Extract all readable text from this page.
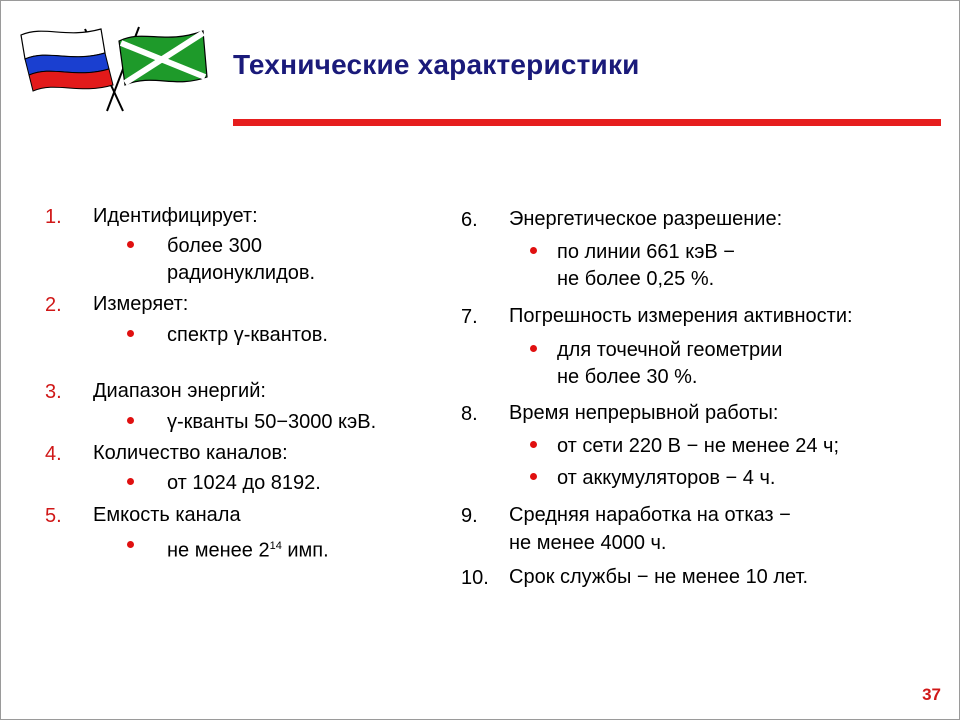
Технические характеристики
1. Идентифицирует:
более 300
радионуклидов.
2. Измеряет:
спектр γ-квантов.
3. Диапазон энергий:
γ-кванты 50−3000 кэВ.
4. Количество каналов:
от 1024 до 8192.
5. Емкость канала
не менее $2^{14}$ имп.
6. Энергетическое разрешение:
по линии 661 кэВ −
не более 0,25 %.
7. Погрешность измерения активности:
для точечной геометрии
не более 30 %.
8. Время непрерывной работы:
от сети 220 В − не менее 24 ч;
от аккумуляторов − 4 ч.
9. Средняя наработка на отказ −
не менее 4000 ч.
10. Срок службы − не менее 10 лет.
37
